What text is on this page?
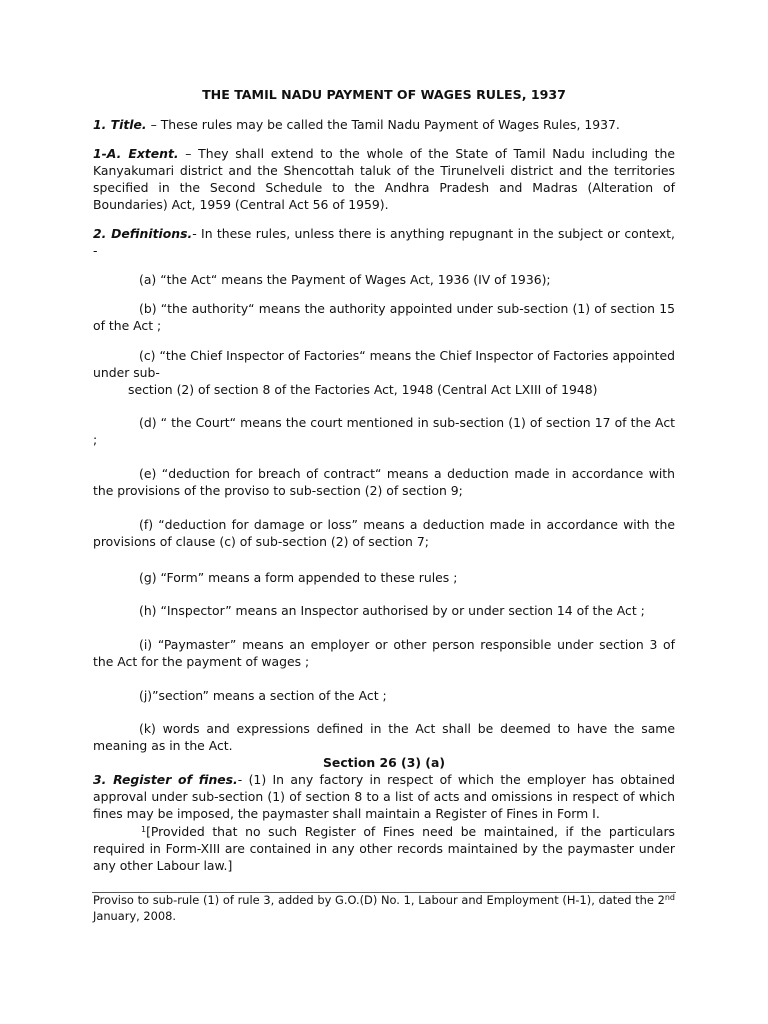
THE TAMIL NADU PAYMENT OF WAGES RULES, 1937

1. Title. – These rules may be called the Tamil Nadu Payment of Wages Rules, 1937.

1-A. Extent. – They shall extend to the whole of the State of Tamil Nadu including the Kanyakumari district and the Shencottah taluk of the Tirunelveli district and the territories specified in the Second Schedule to the Andhra Pradesh and Madras (Alteration of Boundaries) Act, 1959 (Central Act 56 of 1959).

2. Definitions.- In these rules, unless there is anything repugnant in the subject or context, -

(a) “the Act“ means the Payment of Wages Act, 1936 (IV of 1936);

(b) “the authority“ means the authority appointed under sub-section (1) of section 15 of the Act ;

(c) “the Chief Inspector of Factories“ means the Chief Inspector of Factories appointed under sub-

section (2) of section 8 of the Factories Act, 1948 (Central Act LXIII of 1948)

(d) “ the Court“ means the court mentioned in sub-section (1) of section 17 of the Act ;

(e) “deduction for breach of contract“ means a deduction made in accordance with the provisions of the proviso to sub-section (2) of section 9;

(f) “deduction for damage or loss” means a deduction made in accordance with the provisions of clause (c) of sub-section (2) of section 7;

(g) “Form” means a form appended to these rules ;

(h) “Inspector” means an Inspector authorised by or under section 14 of the Act ;

(i) “Paymaster” means an employer or other person responsible under section 3 of the Act for the payment of wages ;

(j)”section” means a section of the Act ;

(k) words and expressions defined in the Act shall be deemed to have the same meaning as in the Act.

Section 26 (3) (a)

3. Register of fines.- (1) In any factory in respect of which the employer has obtained approval under sub-section (1) of section 8 to a list of acts and omissions in respect of which fines may be imposed, the paymaster shall maintain a Register of Fines in Form I.

$^1$[Provided that no such Register of Fines need be maintained, if the particulars required in Form-XIII are contained in any other records maintained by the paymaster under any other Labour law.]

Proviso to sub-rule (1) of rule 3, added by G.O.(D) No. 1, Labour and Employment (H-1), dated the 2nd January, 2008.
